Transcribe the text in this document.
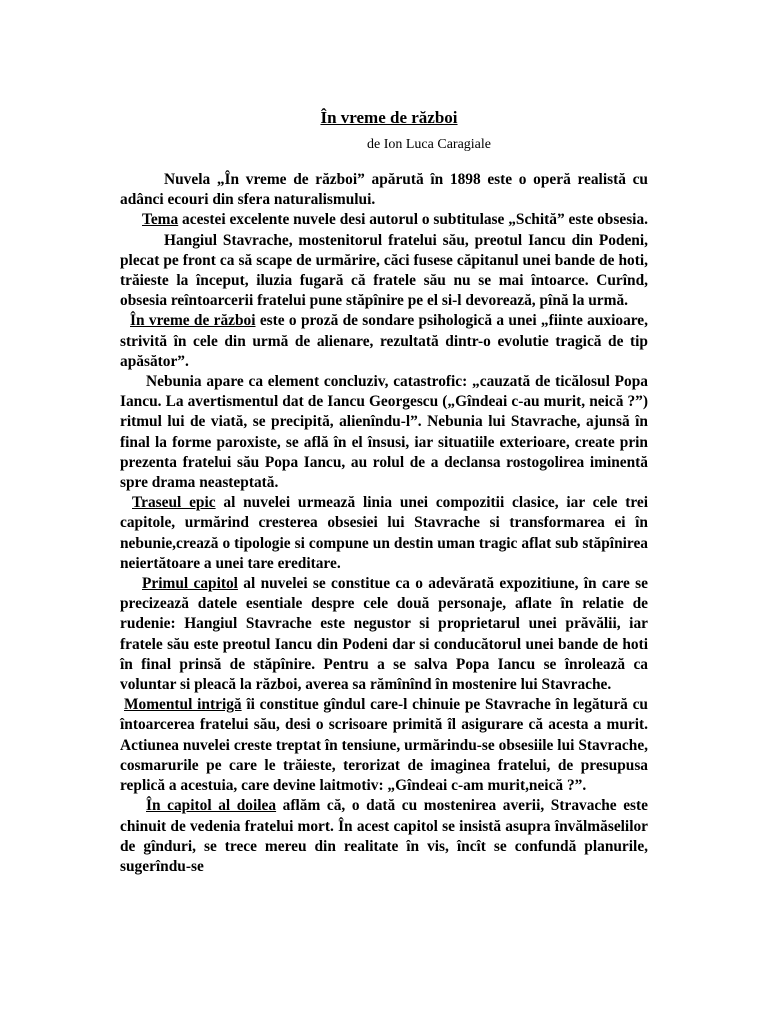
În vreme de război

de Ion Luca Caragiale

Nuvela „În vreme de război” apărută în 1898 este o operă realistă cu adânci ecouri din sfera naturalismului.

Tema acestei excelente nuvele desi autorul o subtitulase „Schită” este obsesia.

Hangiul Stavrache, mostenitorul fratelui său, preotul Iancu din Podeni, plecat pe front ca să scape de urmărire, căci fusese căpitanul unei bande de hoti, trăieste la început, iluzia fugară că fratele său nu se mai întoarce. Curînd, obsesia reîntoarcerii fratelui pune stăpînire pe el si-l devorează, pînă la urmă.

În vreme de război este o proză de sondare psihologică a unei „fiinte auxioare, strivită în cele din urmă de alienare, rezultată dintr-o evolutie tragică de tip apăsător”.

Nebunia apare ca element concluziv, catastrofic: „cauzată de ticălosul Popa Iancu. La avertismentul dat de Iancu Georgescu („Gîndeai c-au murit, neică ?”) ritmul lui de viată, se precipită, alienîndu-l”. Nebunia lui Stavrache, ajunsă în final la forme paroxiste, se află în el însusi, iar situatiile exterioare, create prin prezenta fratelui său Popa Iancu, au rolul de a declansa rostogolirea iminentă spre drama neasteptată.

Traseul epic al nuvelei urmează linia unei compozitii clasice, iar cele trei capitole, urmărind cresterea obsesiei lui Stavrache si transformarea ei în nebunie,crează o tipologie si compune un destin uman tragic aflat sub stăpînirea neiertătoare a unei tare ereditare.

Primul capitol al nuvelei se constitue ca o adevărată expozitiune, în care se precizează datele esentiale despre cele două personaje, aflate în relatie de rudenie: Hangiul Stavrache este negustor si proprietarul unei prăvălii, iar fratele său este preotul Iancu din Podeni dar si conducătorul unei bande de hoti în final prinsă de stăpînire. Pentru a se salva Popa Iancu se înrolează ca voluntar si pleacă la război, averea sa rămînînd în mostenire lui Stavrache.

Momentul intrigă îi constitue gîndul care-l chinuie pe Stavrache în legătură cu întoarcerea fratelui său, desi o scrisoare primită îl asigurare că acesta a murit. Actiunea nuvelei creste treptat în tensiune, urmărindu-se obsesiile lui Stavrache, cosmarurile pe care le trăieste, terorizat de imaginea fratelui, de presupusa replică a acestuia, care devine laitmotiv: „Gîndeai c-am murit,neică ?”.

În capitol al doilea aflăm că, o dată cu mostenirea averii, Stravache este chinuit de vedenia fratelui mort. În acest capitol se insistă asupra învălmăselilor de gînduri, se trece mereu din realitate în vis, încît se confundă planurile, sugerîndu-se
